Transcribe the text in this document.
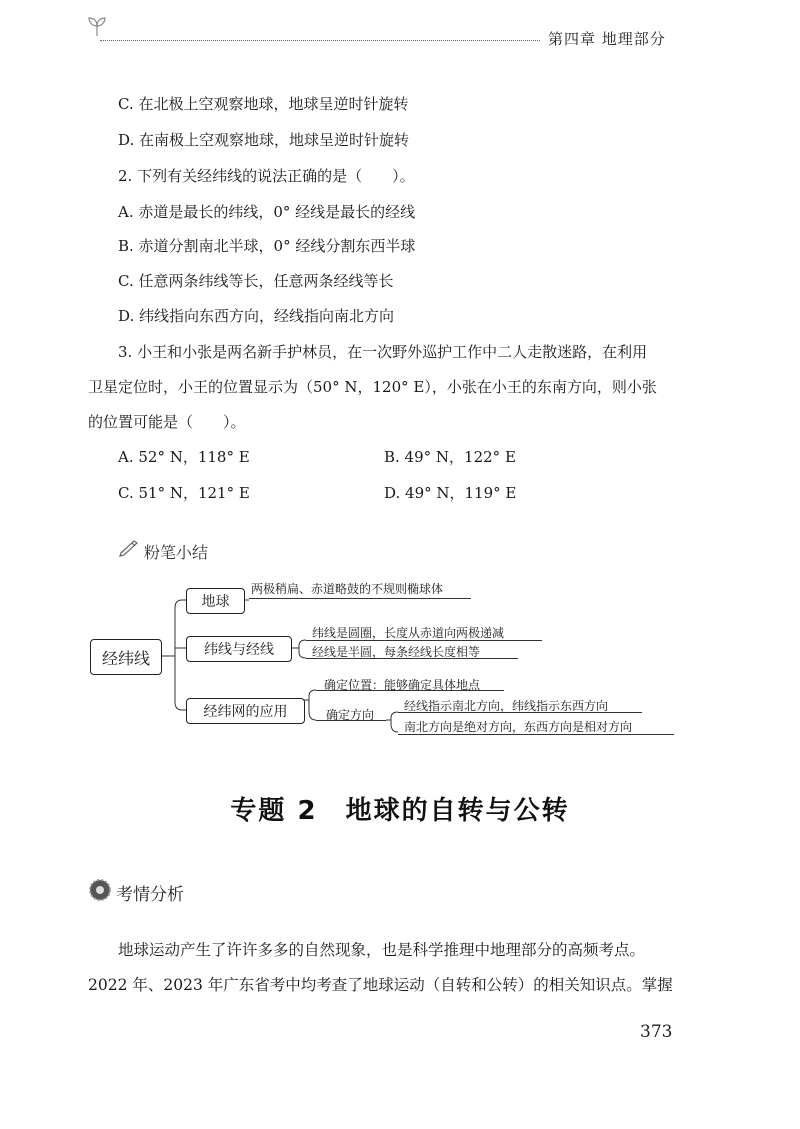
第四章 地理部分
C. 在北极上空观察地球，地球呈逆时针旋转
D. 在南极上空观察地球，地球呈逆时针旋转
2. 下列有关经纬线的说法正确的是（　　）。
A. 赤道是最长的纬线，0° 经线是最长的经线
B. 赤道分割南北半球，0° 经线分割东西半球
C. 任意两条纬线等长，任意两条经线等长
D. 纬线指向东西方向，经线指向南北方向
3. 小王和小张是两名新手护林员，在一次野外巡护工作中二人走散迷路，在利用
卫星定位时，小王的位置显示为（50° N，120° E），小张在小王的东南方向，则小张
的位置可能是（　　）。
A. 52° N，118° E	B. 49° N，122° E
C. 51° N，121° E	D. 49° N，119° E
粉笔小结
经纬线
地球
纬线与经线
经纬网的应用
两极稍扁、赤道略鼓的不规则椭球体
纬线是圆圈，长度从赤道向两极递减
经线是半圆，每条经线长度相等
确定位置：能够确定具体地点
确定方向
经线指示南北方向，纬线指示东西方向
南北方向是绝对方向，东西方向是相对方向
专题 2　地球的自转与公转
考情分析
地球运动产生了许许多多的自然现象，也是科学推理中地理部分的高频考点。
2022 年、2023 年广东省考中均考查了地球运动（自转和公转）的相关知识点。掌握
373
